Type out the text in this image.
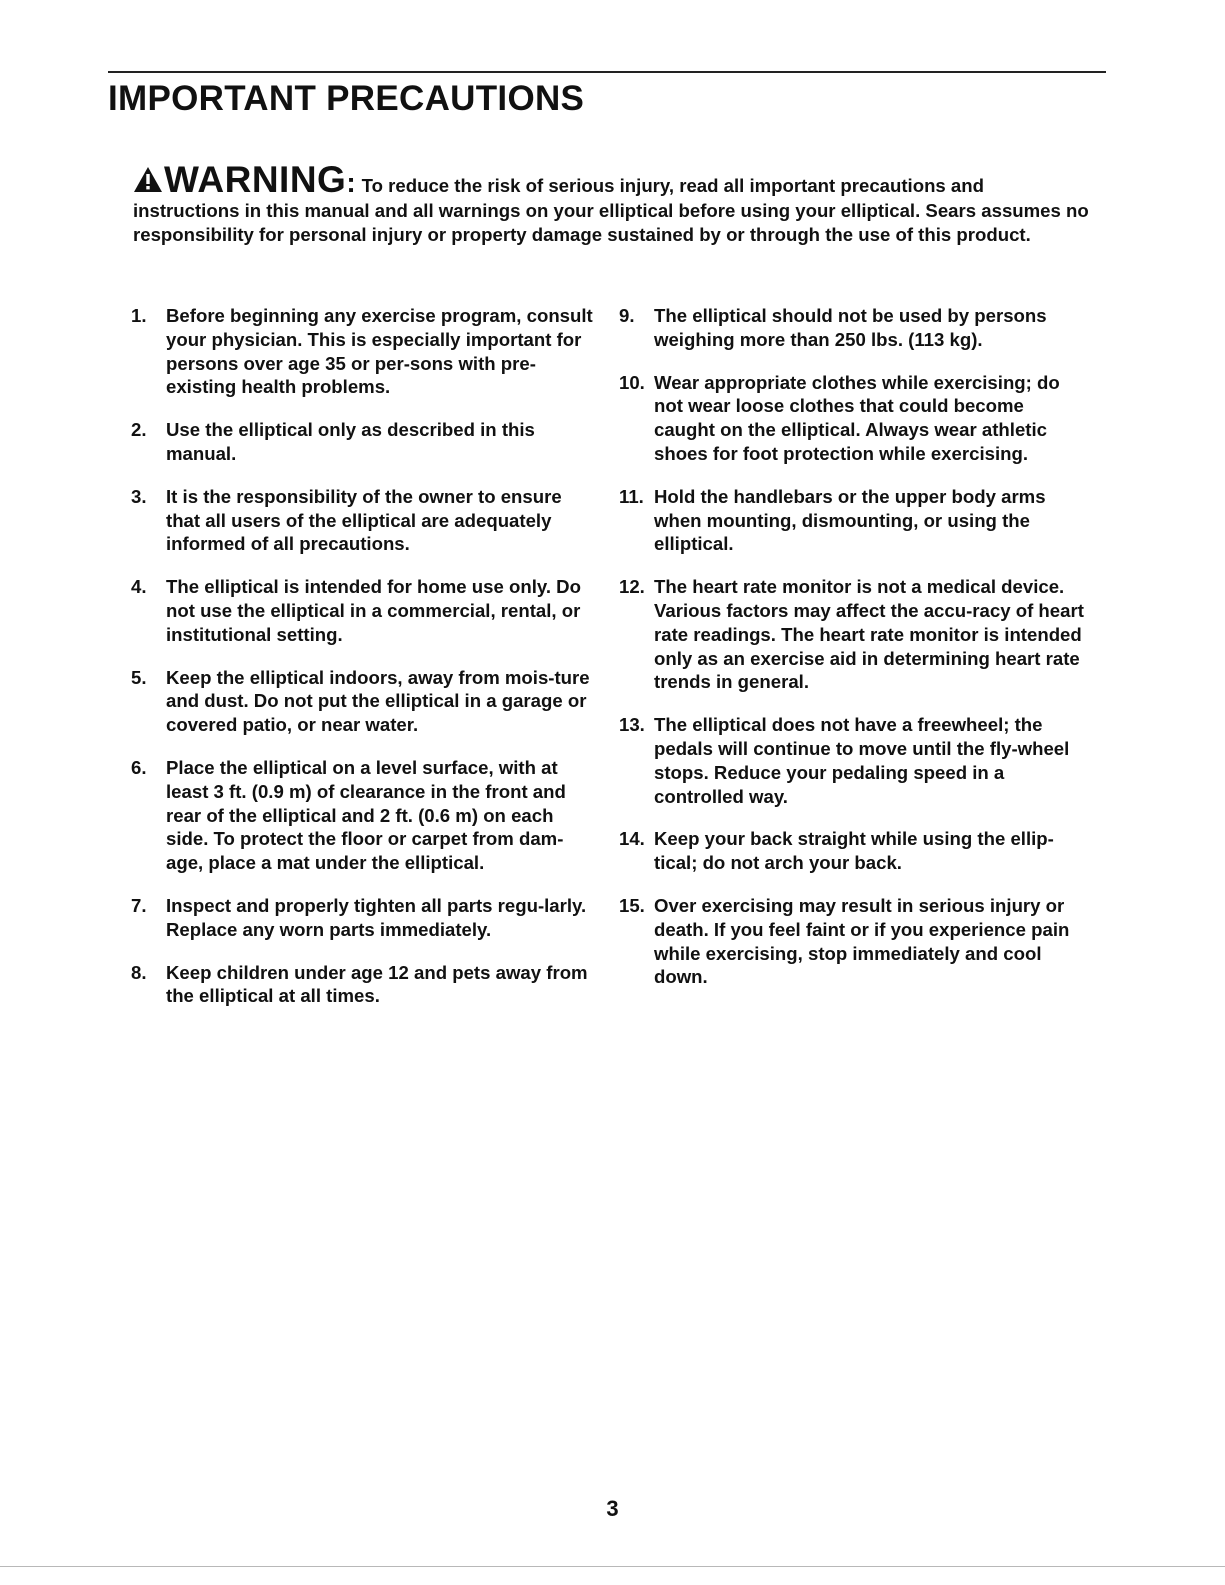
IMPORTANT PRECAUTIONS

WARNING: To reduce the risk of serious injury, read all important precautions and instructions in this manual and all warnings on your elliptical before using your elliptical. Sears assumes no responsibility for personal injury or property damage sustained by or through the use of this product.

1.	Before beginning any exercise program, consult your physician. This is especially important for persons over age 35 or per-sons with pre-existing health problems.
2.	Use the elliptical only as described in this manual.
3.	It is the responsibility of the owner to ensure that all users of the elliptical are adequately informed of all precautions.
4.	The elliptical is intended for home use only. Do not use the elliptical in a commercial, rental, or institutional setting.
5.	Keep the elliptical indoors, away from mois-ture and dust. Do not put the elliptical in a garage or covered patio, or near water.
6.	Place the elliptical on a level surface, with at least 3 ft. (0.9 m) of clearance in the front and rear of the elliptical and 2 ft. (0.6 m) on each side. To protect the floor or carpet from dam-age, place a mat under the elliptical.
7.	Inspect and properly tighten all parts regu-larly. Replace any worn parts immediately.
8.	Keep children under age 12 and pets away from the elliptical at all times.
9.	The elliptical should not be used by persons weighing more than 250 lbs. (113 kg).
10. Wear appropriate clothes while exercising; do not wear loose clothes that could become caught on the elliptical. Always wear athletic shoes for foot protection while exercising.
11. Hold the handlebars or the upper body arms when mounting, dismounting, or using the elliptical.
12. The heart rate monitor is not a medical device. Various factors may affect the accu-racy of heart rate readings. The heart rate monitor is intended only as an exercise aid in determining heart rate trends in general.
13. The elliptical does not have a freewheel; the pedals will continue to move until the fly-wheel stops. Reduce your pedaling speed in a controlled way.
14. Keep your back straight while using the ellip-tical; do not arch your back.
15. Over exercising may result in serious injury or death. If you feel faint or if you experience pain while exercising, stop immediately and cool down.
3
